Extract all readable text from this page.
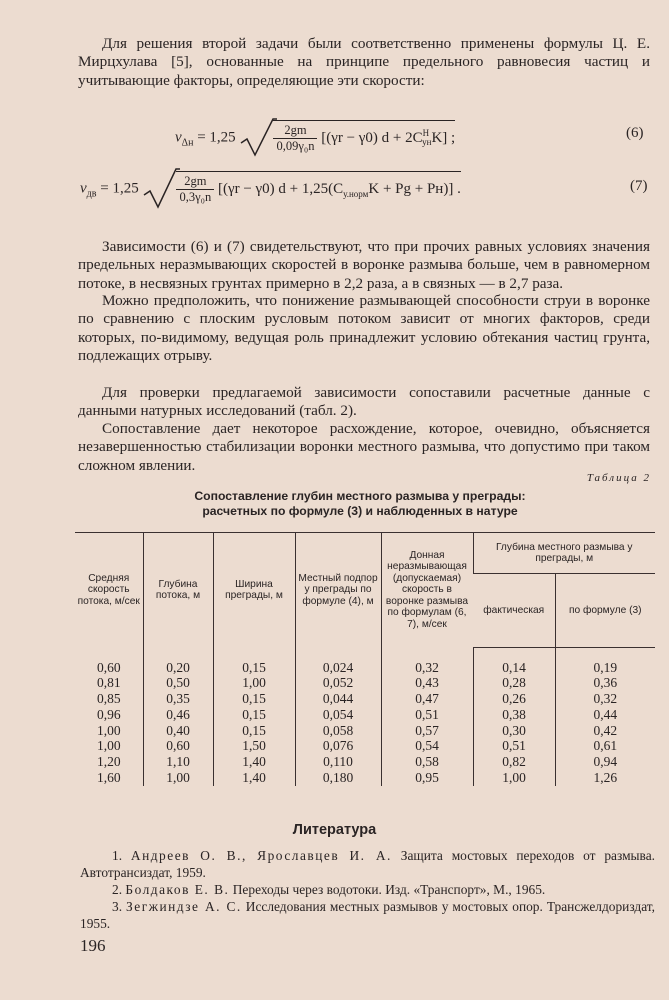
Для решения второй задачи были соответственно применены формулы Ц. Е. Мирцхулава [5], основанные на принципе предельного равновесия частиц и учитывающие факторы, определяющие эти скорости:

$v_{\Delta н} = 1,25$	$\frac{2gm}{\text{0,09γ₀n}} [(\gamma r - \gamma 0) d + 2C^H_{ун}K]$ ;	(6)
$v_{дв} = 1,25$	$\frac{2gm}{\text{0,3γ₀n}} [(\gamma r - \gamma 0) d + 1,25(C_{у.норм}K + Pg + Pн)]$ .	(7)

Зависимости (6) и (7) свидетельствуют, что при прочих равных условиях значения предельных неразмывающих скоростей в воронке размыва больше, чем в равномерном потоке, в несвязных грунтах примерно в 2,2 раза, а в связных — в 2,7 раза.

Можно предположить, что понижение размывающей способности струи в воронке по сравнению с плоским русловым потоком зависит от многих факторов, среди которых, по-видимому, ведущая роль принадлежит условию обтекания частиц грунта, подлежащих отрыву.

Для проверки предлагаемой зависимости сопоставили расчетные данные с данными натурных исследований (табл. 2).

Сопоставление дает некоторое расхождение, которое, очевидно, объясняется незавершенностью стабилизации воронки местного размыва, что допустимо при таком сложном явлении.

Таблица 2
Сопоставление глубин местного размыва у преграды:
расчетных по формуле (3) и наблюденных в натуре
Средняя скорость потока, м/сек	Глубина потока, м	Ширина преграды, м	Местный подпор у преграды по формуле (4), м	Донная неразмывающая (допускаемая) скорость в воронке размыва по формулам (6, 7), м/сек	Глубина местного размыва у преграды, м	
					фактическая	по формуле (3)

0,60	0,20	0,15	0,024	0,32	0,14	0,19
0,81	0,50	1,00	0,052	0,43	0,28	0,36
0,85	0,35	0,15	0,044	0,47	0,26	0,32
0,96	0,46	0,15	0,054	0,51	0,38	0,44
1,00	0,40	0,15	0,058	0,57	0,30	0,42
1,00	0,60	1,50	0,076	0,54	0,51	0,61
1,20	1,10	1,40	0,110	0,58	0,82	0,94
1,60	1,00	1,40	0,180	0,95	1,00	1,26
Литература

1. Андреев О. В., Ярославцев И. А. Защита мостовых переходов от размыва. Автотрансиздат, 1959.

2. Болдаков Е. В. Переходы через водотоки. Изд. «Транспорт», М., 1965.

3. Зегжиндзе А. С. Исследования местных размывов у мостовых опор. Трансжелдориздат, 1955.

196
